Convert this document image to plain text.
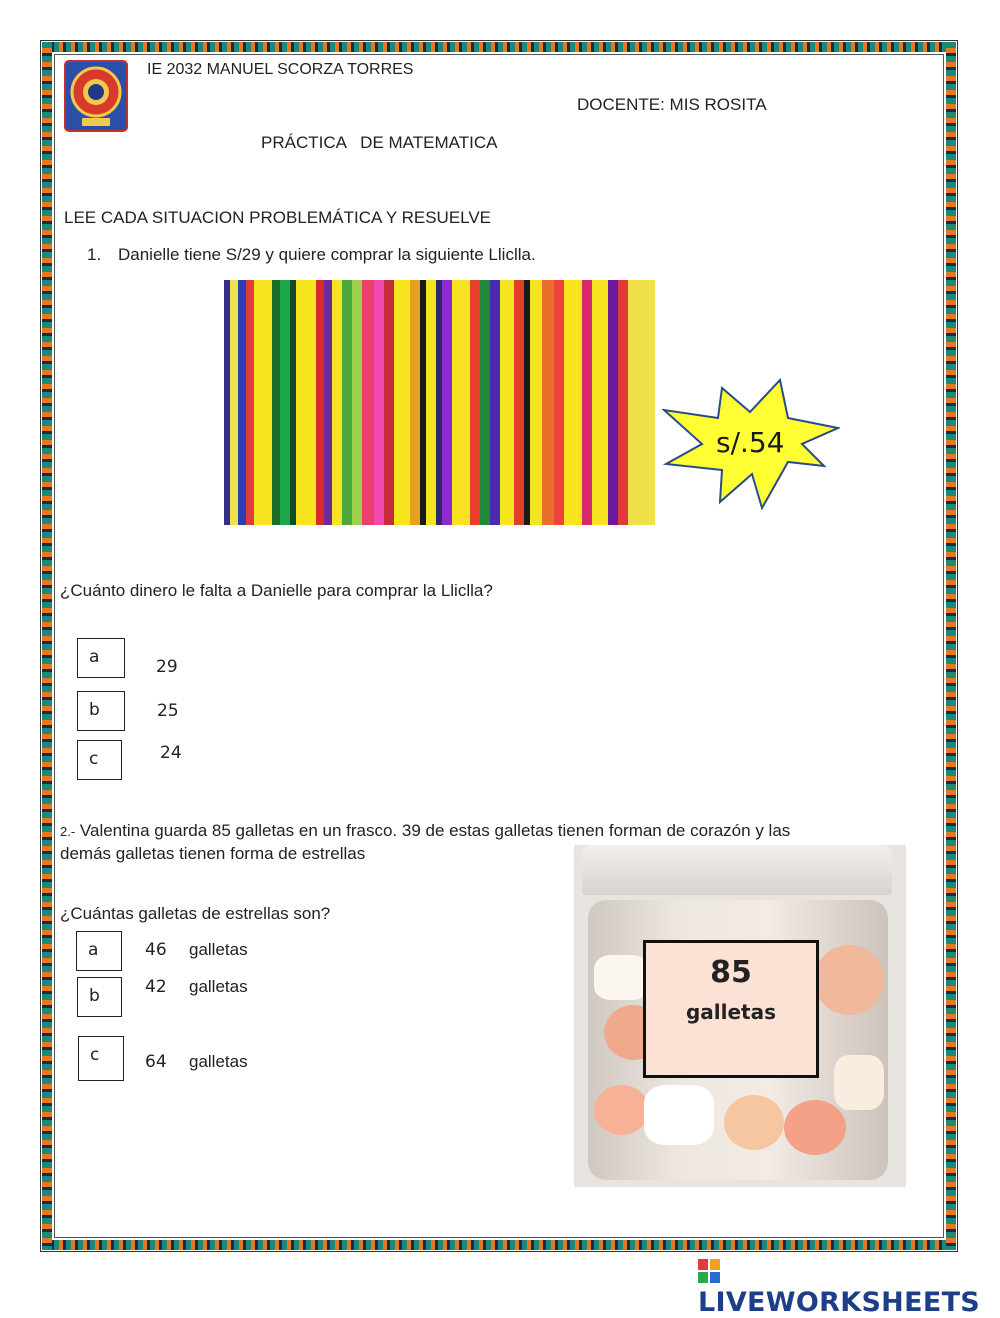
IE 2032 MANUEL SCORZA TORRES
DOCENTE: MIS ROSITA
PRÁCTICA   DE MATEMATICA
LEE CADA SITUACION PROBLEMÁTICA Y RESUELVE
1. Danielle tiene S/29 y quiere comprar la siguiente Lliclla.
s/.54
¿Cuánto dinero le falta a Danielle para comprar la Lliclla?
a	29
b	25
c	24
2.- Valentina guarda 85 galletas en un frasco. 39 de estas galletas tienen forman de corazón y las
demás galletas tienen forma de estrellas
85
galletas
¿Cuántas galletas de estrellas son?
a	46 galletas
b	42 galletas
c	64 galletas
LIVEWORKSHEETS
